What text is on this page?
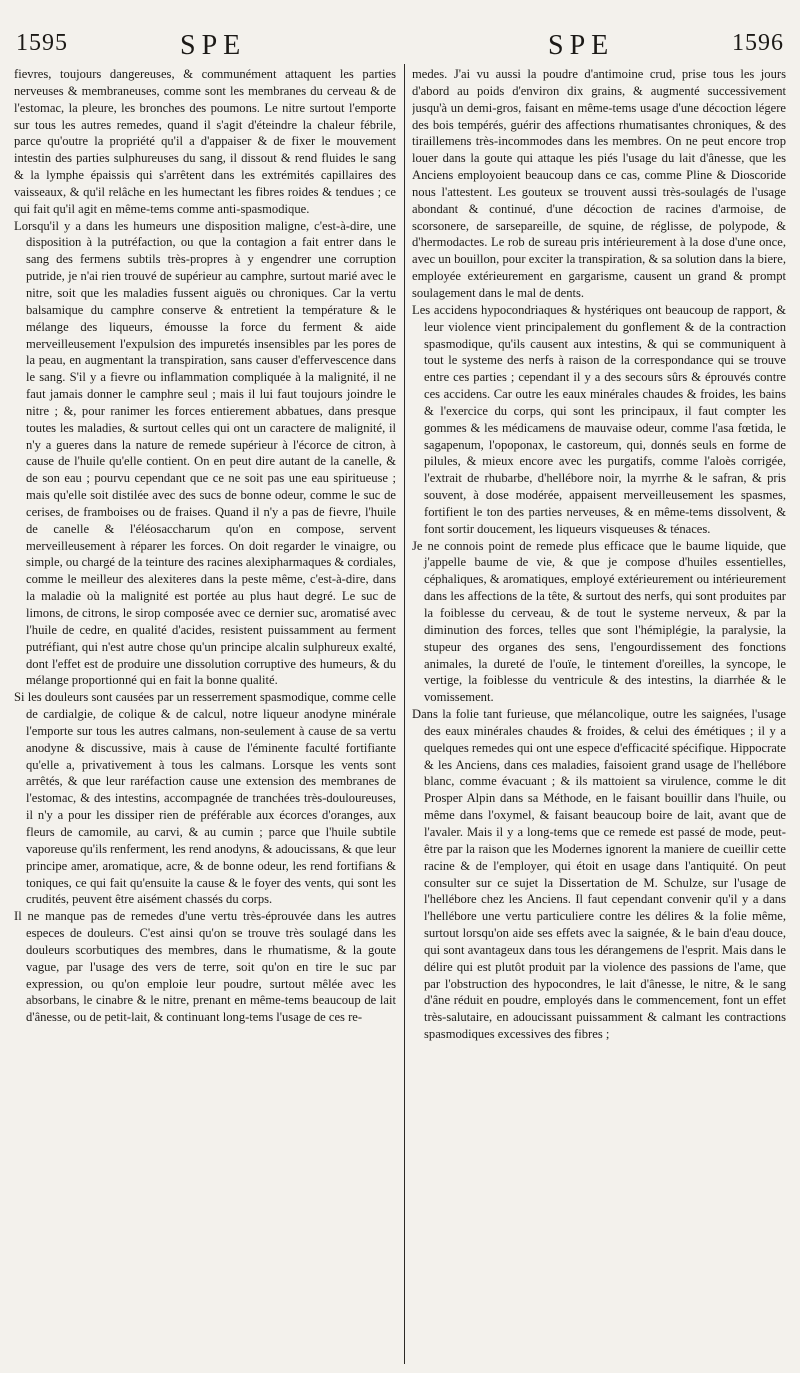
1595	SPE	SPE	1596

fievres, toujours dangereuses, & communément attaquent les parties nerveuses & membraneuses, comme sont les membranes du cerveau & de l'estomac, la pleure, les bronches des poumons. Le nitre surtout l'emporte sur tous les autres remedes, quand il s'agit d'éteindre la chaleur fébrile, parce qu'outre la propriété qu'il a d'appaiser & de fixer le mouvement intestin des parties sulphureuses du sang, il dissout & rend fluides le sang & la lymphe épaissis qui s'arrêtent dans les extrémités capillaires des vaisseaux, & qu'il relâche en les humectant les fibres roides & tendues ; ce qui fait qu'il agit en même-tems comme anti-spasmodique.

Lorsqu'il y a dans les humeurs une disposition maligne, c'est-à-dire, une disposition à la putréfaction, ou que la contagion a fait entrer dans le sang des fermens subtils très-propres à y engendrer une corruption putride, je n'ai rien trouvé de supérieur au camphre, surtout marié avec le nitre, soit que les maladies fussent aiguës ou chroniques. Car la vertu balsamique du camphre conserve & entretient la température & le mélange des liqueurs, émousse la force du ferment & aide merveilleusement l'expulsion des impuretés insensibles par les pores de la peau, en augmentant la transpiration, sans causer d'effervescence dans le sang. S'il y a fievre ou inflammation compliquée à la malignité, il ne faut jamais donner le camphre seul ; mais il lui faut toujours joindre le nitre ; &, pour ranimer les forces entierement abbatues, dans presque toutes les maladies, & surtout celles qui ont un caractere de malignité, il n'y a gueres dans la nature de remede supérieur à l'écorce de citron, à cause de l'huile qu'elle contient. On en peut dire autant de la canelle, & de son eau ; pourvu cependant que ce ne soit pas une eau spiritueuse ; mais qu'elle soit distilée avec des sucs de bonne odeur, comme le suc de cerises, de framboises ou de fraises. Quand il n'y a pas de fievre, l'huile de canelle & l'éléosaccharum qu'on en compose, servent merveilleusement à réparer les forces. On doit regarder le vinaigre, ou simple, ou chargé de la teinture des racines alexipharmaques & cordiales, comme le meilleur des alexiteres dans la peste même, c'est-à-dire, dans la maladie où la malignité est portée au plus haut degré. Le suc de limons, de citrons, le sirop composée avec ce dernier suc, aromatisé avec l'huile de cedre, en qualité d'acides, resistent puissamment au ferment putréfiant, qui n'est autre chose qu'un principe alcalin sulphureux exalté, dont l'effet est de produire une dissolution corruptive des humeurs, & du mélange proportionné qui en fait la bonne qualité.

Si les douleurs sont causées par un resserrement spasmodique, comme celle de cardialgie, de colique & de calcul, notre liqueur anodyne minérale l'emporte sur tous les autres calmans, non-seulement à cause de sa vertu anodyne & discussive, mais à cause de l'éminente faculté fortifiante qu'elle a, privativement à tous les calmans. Lorsque les vents sont arrêtés, & que leur raréfaction cause une extension des membranes de l'estomac, & des intestins, accompagnée de tranchées très-douloureuses, il n'y a pour les dissiper rien de préférable aux écorces d'oranges, aux fleurs de camomile, au carvi, & au cumin ; parce que l'huile subtile vaporeuse qu'ils renferment, les rend anodyns, & adoucissans, & que leur principe amer, aromatique, acre, & de bonne odeur, les rend fortifians & toniques, ce qui fait qu'ensuite la cause & le foyer des vents, qui sont les crudités, peuvent être aisément chassés du corps.

Il ne manque pas de remedes d'une vertu très-éprouvée dans les autres especes de douleurs. C'est ainsi qu'on se trouve très soulagé dans les douleurs scorbutiques des membres, dans le rhumatisme, & la goute vague, par l'usage des vers de terre, soit qu'on en tire le suc par expression, ou qu'on emploie leur poudre, surtout mêlée avec les absorbans, le cinabre & le nitre, prenant en même-tems beaucoup de lait d'ânesse, ou de petit-lait, & continuant long-tems l'usage de ces re-

medes. J'ai vu aussi la poudre d'antimoine crud, prise tous les jours d'abord au poids d'environ dix grains, & augmenté successivement jusqu'à un demi-gros, faisant en même-tems usage d'une décoction légere des bois tempérés, guérir des affections rhumatisantes chroniques, & des tiraillemens très-incommodes dans les membres. On ne peut encore trop louer dans la goute qui attaque les piés l'usage du lait d'ânesse, que les Anciens employoient beaucoup dans ce cas, comme Pline & Dioscoride nous l'attestent. Les gouteux se trouvent aussi très-soulagés de l'usage abondant & continué, d'une décoction de racines d'armoise, de scorsonere, de sarsepareille, de squine, de réglisse, de polypode, & d'hermodactes. Le rob de sureau pris intérieurement à la dose d'une once, avec un bouillon, pour exciter la transpiration, & sa solution dans la biere, employée extérieurement en gargarisme, causent un grand & prompt soulagement dans le mal de dents.

Les accidens hypocondriaques & hystériques ont beaucoup de rapport, & leur violence vient principalement du gonflement & de la contraction spasmodique, qu'ils causent aux intestins, & qui se communiquent à tout le systeme des nerfs à raison de la correspondance qui se trouve entre ces parties ; cependant il y a des secours sûrs & éprouvés contre ces accidens. Car outre les eaux minérales chaudes & froides, les bains & l'exercice du corps, qui sont les principaux, il faut compter les gommes & les médicamens de mauvaise odeur, comme l'asa fœtida, le sagapenum, l'opoponax, le castoreum, qui, donnés seuls en forme de pilules, & mieux encore avec les purgatifs, comme l'aloès corrigée, l'extrait de rhubarbe, d'hellébore noir, la myrrhe & le safran, & pris souvent, à dose modérée, appaisent merveilleusement les spasmes, fortifient le ton des parties nerveuses, & en même-tems dissolvent, & font sortir doucement, les liqueurs visqueuses & ténaces.

Je ne connois point de remede plus efficace que le baume liquide, que j'appelle baume de vie, & que je compose d'huiles essentielles, céphaliques, & aromatiques, employé extérieurement ou intérieurement dans les affections de la tête, & surtout des nerfs, qui sont produites par la foiblesse du cerveau, & de tout le systeme nerveux, & par la diminution des forces, telles que sont l'hémiplégie, la paralysie, la stupeur des organes des sens, l'engourdissement des fonctions animales, la dureté de l'ouïe, le tintement d'oreilles, la syncope, le vertige, la foiblesse du ventricule & des intestins, la diarrhée & le vomissement.

Dans la folie tant furieuse, que mélancolique, outre les saignées, l'usage des eaux minérales chaudes & froides, & celui des émétiques ; il y a quelques remedes qui ont une espece d'efficacité spécifique. Hippocrate & les Anciens, dans ces maladies, faisoient grand usage de l'hellébore blanc, comme évacuant ; & ils mattoient sa virulence, comme le dit Prosper Alpin dans sa Méthode, en le faisant bouillir dans l'huile, ou même dans l'oxymel, & faisant beaucoup boire de lait, avant que de l'avaler. Mais il y a long-tems que ce remede est passé de mode, peut-être par la raison que les Modernes ignorent la maniere de cueillir cette racine & de l'employer, qui étoit en usage dans l'antiquité. On peut consulter sur ce sujet la Dissertation de M. Schulze, sur l'usage de l'hellébore chez les Anciens. Il faut cependant convenir qu'il y a dans l'hellébore une vertu particuliere contre les délires & la folie même, surtout lorsqu'on aide ses effets avec la saignée, & le bain d'eau douce, qui sont avantageux dans tous les dérangemens de l'esprit. Mais dans le délire qui est plutôt produit par la violence des passions de l'ame, que par l'obstruction des hypocondres, le lait d'ânesse, le nitre, & le sang d'âne réduit en poudre, employés dans le commencement, font un effet très-salutaire, en adoucissant puissamment & calmant les contractions spasmodiques excessives des fibres ;
